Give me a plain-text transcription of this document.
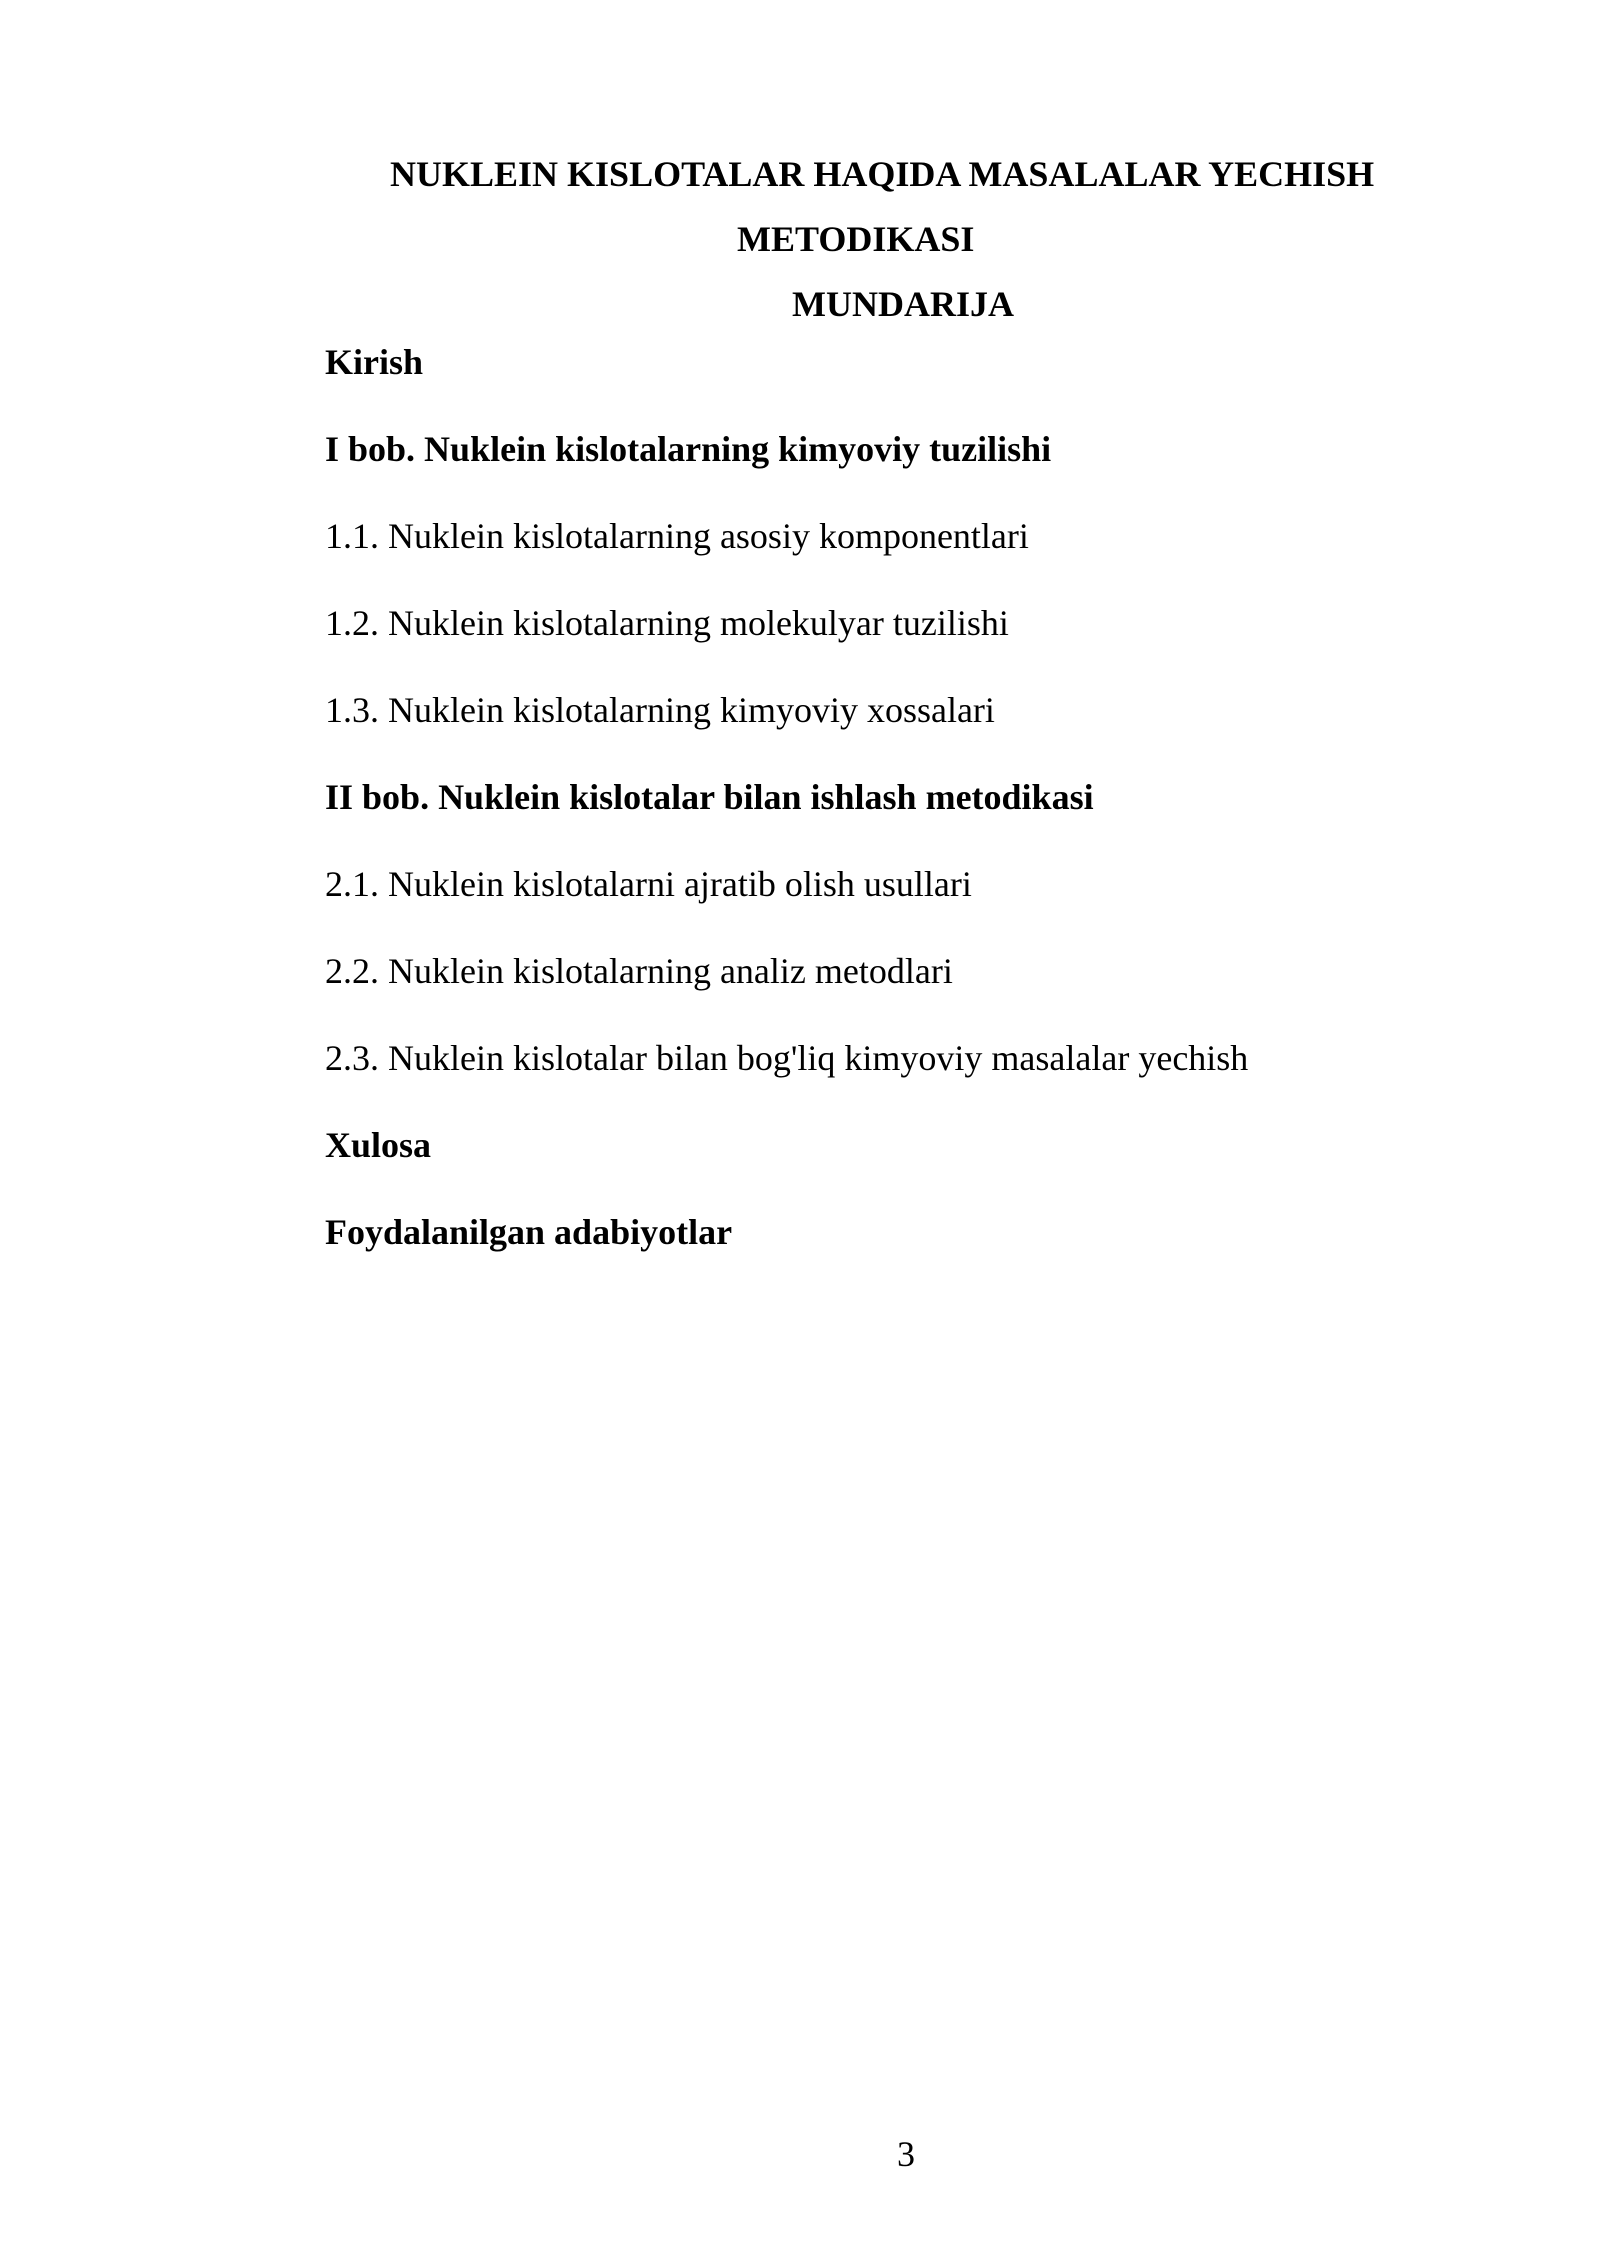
NUKLEIN KISLOTALAR HAQIDA MASALALAR YECHISH
METODIKASI
MUNDARIJA
Kirish
I bob. Nuklein kislotalarning kimyoviy tuzilishi
1.1. Nuklein kislotalarning asosiy komponentlari
1.2. Nuklein kislotalarning molekulyar tuzilishi
1.3. Nuklein kislotalarning kimyoviy xossalari
II bob. Nuklein kislotalar bilan ishlash metodikasi
2.1. Nuklein kislotalarni ajratib olish usullari
2.2. Nuklein kislotalarning analiz metodlari
2.3. Nuklein kislotalar bilan bog'liq kimyoviy masalalar yechish
Xulosa
Foydalanilgan adabiyotlar
3
